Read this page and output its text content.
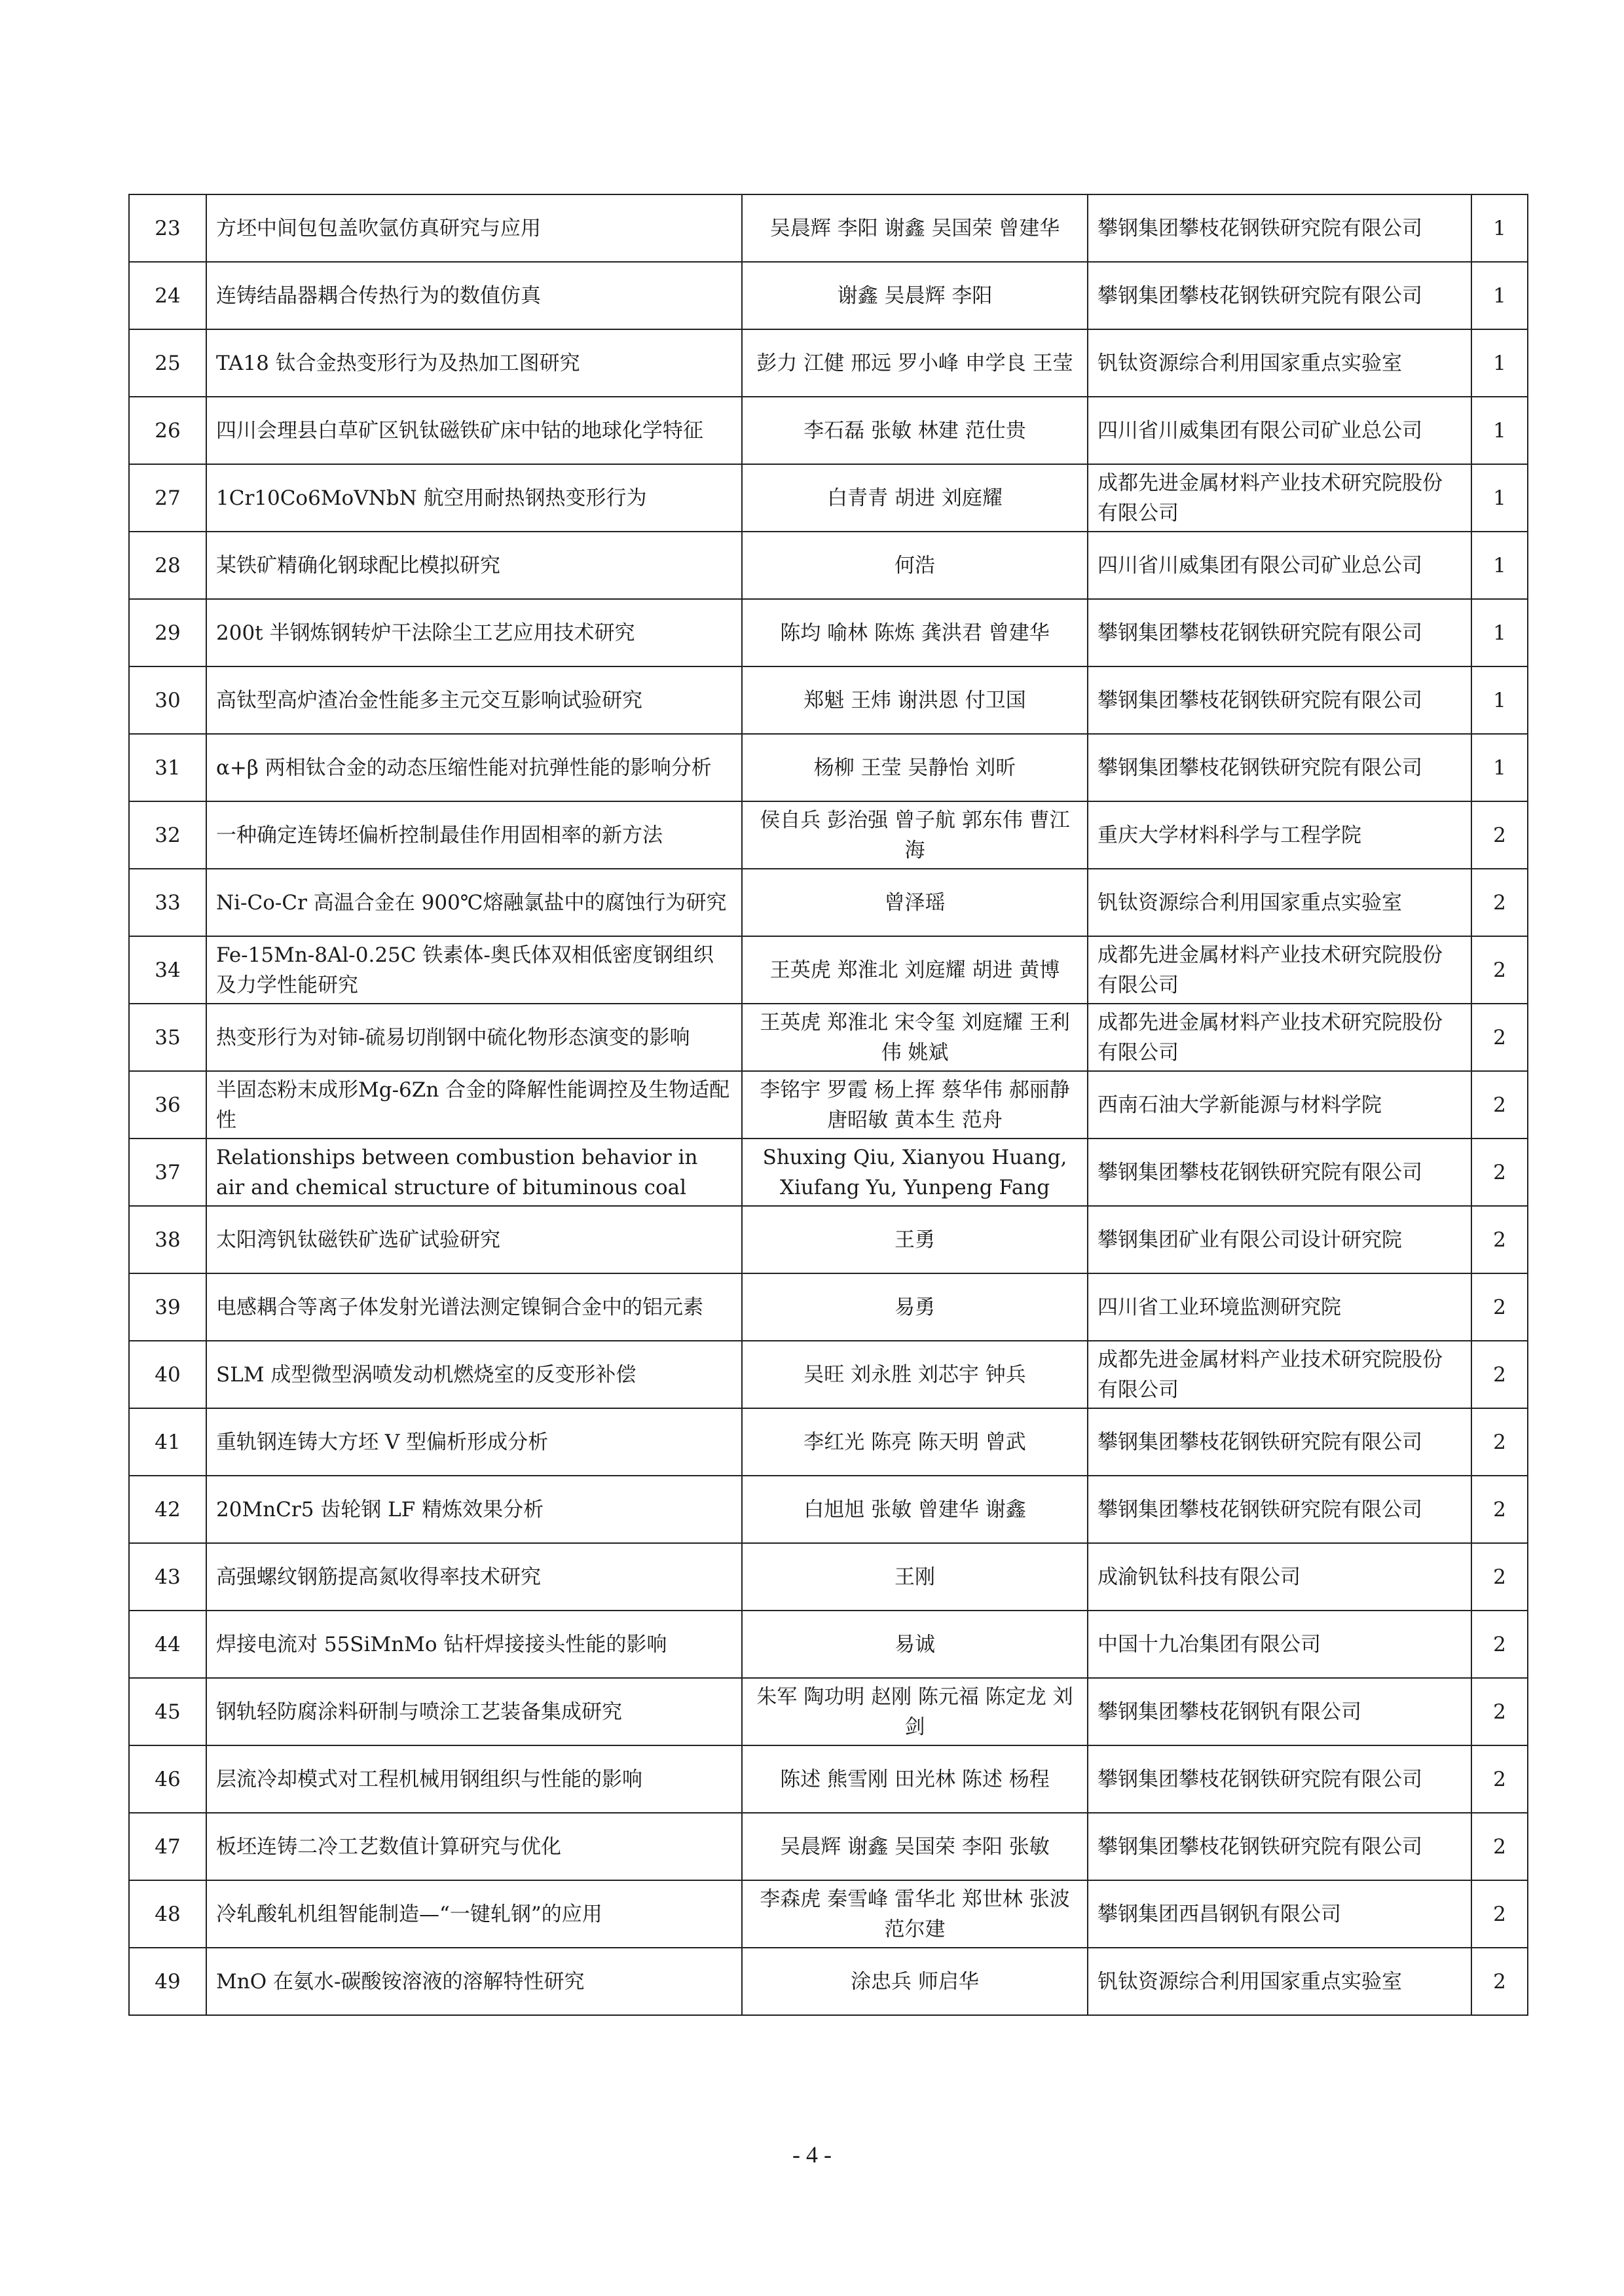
23	方坯中间包包盖吹氩仿真研究与应用	吴晨辉 李阳 谢鑫 吴国荣 曾建华	攀钢集团攀枝花钢铁研究院有限公司	1

24	连铸结晶器耦合传热行为的数值仿真	谢鑫 吴晨辉 李阳	攀钢集团攀枝花钢铁研究院有限公司	1

25	TA18 钛合金热变形行为及热加工图研究	彭力 江健 邢远 罗小峰 申学良 王莹	钒钛资源综合利用国家重点实验室	1

26	四川会理县白草矿区钒钛磁铁矿床中钴的地球化学特征	李石磊 张敏 林建 范仕贵	四川省川威集团有限公司矿业总公司	1

27	1Cr10Co6MoVNbN 航空用耐热钢热变形行为	白青青 胡进 刘庭耀	成都先进金属材料产业技术研究院股份有限公司	1

28	某铁矿精确化钢球配比模拟研究	何浩	四川省川威集团有限公司矿业总公司	1

29	200t 半钢炼钢转炉干法除尘工艺应用技术研究	陈均 喻林 陈炼 龚洪君 曾建华	攀钢集团攀枝花钢铁研究院有限公司	1

30	高钛型高炉渣冶金性能多主元交互影响试验研究	郑魁 王炜 谢洪恩 付卫国	攀钢集团攀枝花钢铁研究院有限公司	1

31	α+β 两相钛合金的动态压缩性能对抗弹性能的影响分析	杨柳 王莹 吴静怡 刘昕	攀钢集团攀枝花钢铁研究院有限公司	1

32	一种确定连铸坯偏析控制最佳作用固相率的新方法	侯自兵 彭治强 曾子航 郭东伟 曹江海	重庆大学材料科学与工程学院	2

33	Ni-Co-Cr 高温合金在 900℃熔融氯盐中的腐蚀行为研究	曾泽瑶	钒钛资源综合利用国家重点实验室	2

34	Fe-15Mn-8Al-0.25C 铁素体-奥氏体双相低密度钢组织及力学性能研究	王英虎 郑淮北 刘庭耀 胡进 黄博	成都先进金属材料产业技术研究院股份有限公司	2

35	热变形行为对铈-硫易切削钢中硫化物形态演变的影响	王英虎 郑淮北 宋令玺 刘庭耀 王利伟 姚斌	成都先进金属材料产业技术研究院股份有限公司	2

36	半固态粉末成形Mg-6Zn 合金的降解性能调控及生物适配性	李铭宇 罗霞 杨上挥 蔡华伟 郝丽静 唐昭敏 黄本生 范舟	西南石油大学新能源与材料学院	2

37	Relationships between combustion behavior in air and chemical structure of bituminous coal	Shuxing Qiu, Xianyou Huang, Xiufang Yu, Yunpeng Fang	攀钢集团攀枝花钢铁研究院有限公司	2

38	太阳湾钒钛磁铁矿选矿试验研究	王勇	攀钢集团矿业有限公司设计研究院	2

39	电感耦合等离子体发射光谱法测定镍铜合金中的铝元素	易勇	四川省工业环境监测研究院	2

40	SLM 成型微型涡喷发动机燃烧室的反变形补偿	吴旺 刘永胜 刘芯宇 钟兵	成都先进金属材料产业技术研究院股份有限公司	2

41	重轨钢连铸大方坯 V 型偏析形成分析	李红光 陈亮 陈天明 曾武	攀钢集团攀枝花钢铁研究院有限公司	2

42	20MnCr5 齿轮钢 LF 精炼效果分析	白旭旭 张敏 曾建华 谢鑫	攀钢集团攀枝花钢铁研究院有限公司	2

43	高强螺纹钢筋提高氮收得率技术研究	王刚	成渝钒钛科技有限公司	2

44	焊接电流对 55SiMnMo 钻杆焊接接头性能的影响	易诚	中国十九冶集团有限公司	2

45	钢轨轻防腐涂料研制与喷涂工艺装备集成研究	朱军 陶功明 赵刚 陈元福 陈定龙 刘剑	攀钢集团攀枝花钢钒有限公司	2

46	层流冷却模式对工程机械用钢组织与性能的影响	陈述 熊雪刚 田光林 陈述 杨程	攀钢集团攀枝花钢铁研究院有限公司	2

47	板坯连铸二冷工艺数值计算研究与优化	吴晨辉 谢鑫 吴国荣 李阳 张敏	攀钢集团攀枝花钢铁研究院有限公司	2

48	冷轧酸轧机组智能制造—“一键轧钢”的应用	李森虎 秦雪峰 雷华北 郑世林 张波 范尔建	攀钢集团西昌钢钒有限公司	2

49	MnO 在氨水-碳酸铵溶液的溶解特性研究	涂忠兵 师启华	钒钛资源综合利用国家重点实验室	2
- 4 -
